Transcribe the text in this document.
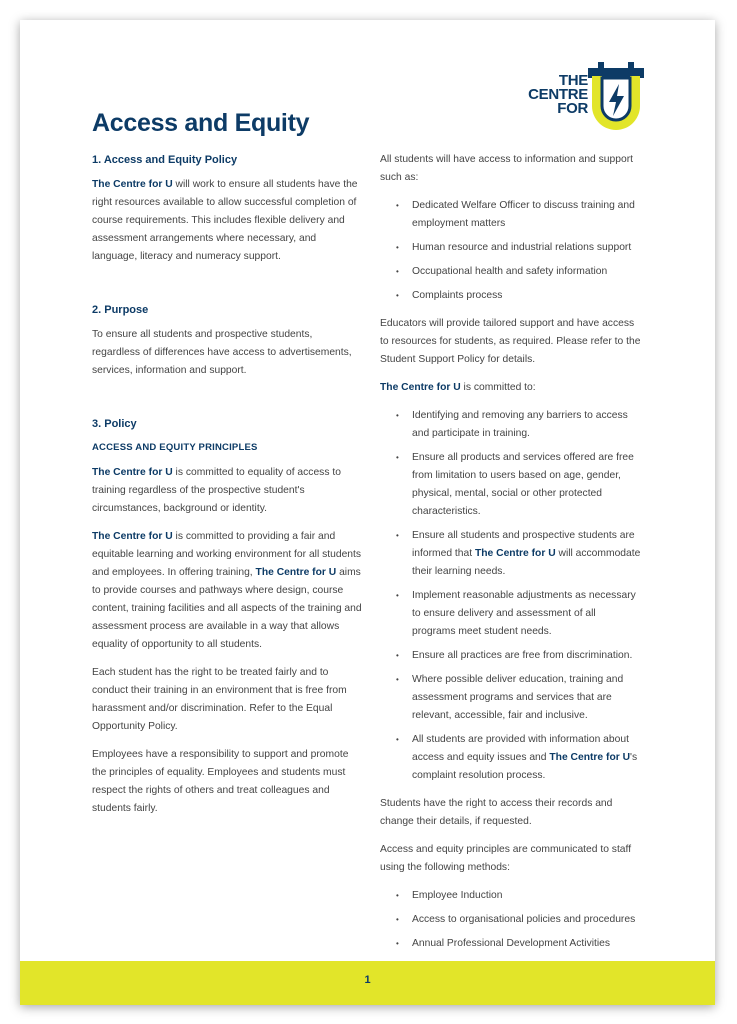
THE
CENTRE
FOR
Access and Equity
1. Access and Equity Policy

The Centre for U will work to ensure all students have the right resources available to allow successful completion of course requirements. This includes flexible delivery and assessment arrangements where necessary, and language, literacy and numeracy support.

2. Purpose

To ensure all students and prospective students, regardless of differences have access to advertisements, services, information and support.

3. Policy
ACCESS AND EQUITY PRINCIPLES

The Centre for U is committed to equality of access to training regardless of the prospective student's circumstances, background or identity.

The Centre for U is committed to providing a fair and equitable learning and working environment for all students and employees. In offering training, The Centre for U aims to provide courses and pathways where design, course content, training facilities and all aspects of the training and assessment process are available in a way that allows equality of opportunity to all students.

Each student has the right to be treated fairly and to conduct their training in an environment that is free from harassment and/or discrimination. Refer to the Equal Opportunity Policy.

Employees have a responsibility to support and promote the principles of equality. Employees and students must respect the rights of others and treat colleagues and students fairly.

All students will have access to information and support such as:

• Dedicated Welfare Officer to discuss training and employment matters
• Human resource and industrial relations support
• Occupational health and safety information
• Complaints process

Educators will provide tailored support and have access to resources for students, as required. Please refer to the Student Support Policy for details.

The Centre for U is committed to:

• Identifying and removing any barriers to access and participate in training.
• Ensure all products and services offered are free from limitation to users based on age, gender, physical, mental, social or other protected characteristics.
• Ensure all students and prospective students are informed that The Centre for U will accommodate their learning needs.
• Implement reasonable adjustments as necessary to ensure delivery and assessment of all programs meet student needs.
• Ensure all practices are free from discrimination.
• Where possible deliver education, training and assessment programs and services that are relevant, accessible, fair and inclusive.
• All students are provided with information about access and equity issues and The Centre for U's complaint resolution process.

Students have the right to access their records and change their details, if requested.

Access and equity principles are communicated to staff using the following methods:

• Employee Induction
• Access to organisational policies and procedures
• Annual Professional Development Activities
1
